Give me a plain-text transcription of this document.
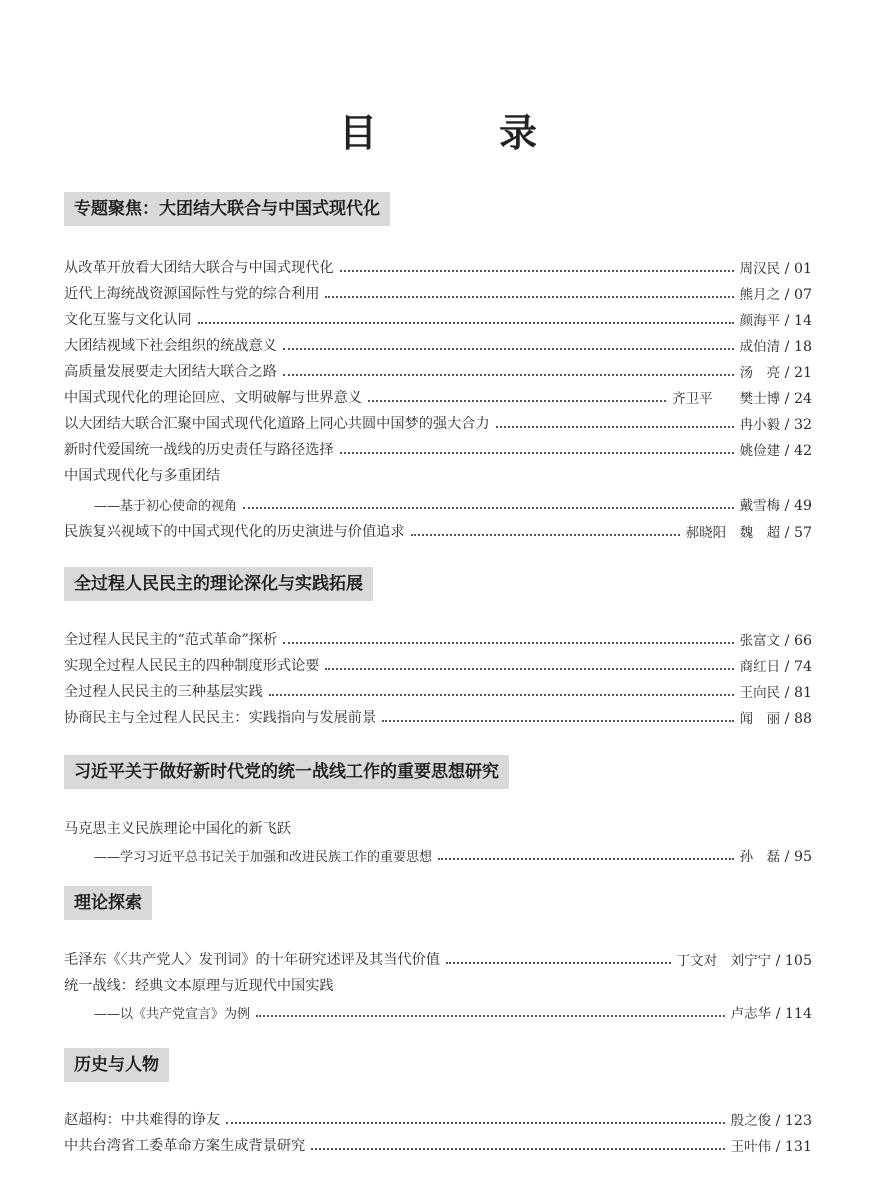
目　录
专题聚焦：大团结大联合与中国式现代化
从改革开放看大团结大联合与中国式现代化	周汉民 / 01
近代上海统战资源国际性与党的综合利用	熊月之 / 07
文化互鉴与文化认同	颜海平 / 14
大团结视域下社会组织的统战意义	成伯清 / 18
高质量发展要走大团结大联合之路	汤　亮 / 21
中国式现代化的理论回应、文明破解与世界意义	齐卫平　　樊士博 / 24
以大团结大联合汇聚中国式现代化道路上同心共圆中国梦的强大合力	冉小毅 / 32
新时代爱国统一战线的历史责任与路径选择	姚俭建 / 42
中国式现代化与多重团结
——基于初心使命的视角	戴雪梅 / 49
民族复兴视域下的中国式现代化的历史演进与价值追求	郝晓阳　魏　超 / 57
全过程人民民主的理论深化与实践拓展
全过程人民民主的“范式革命”探析	张富文 / 66
实现全过程人民民主的四种制度形式论要	商红日 / 74
全过程人民民主的三种基层实践	王向民 / 81
协商民主与全过程人民民主：实践指向与发展前景	闻　丽 / 88
习近平关于做好新时代党的统一战线工作的重要思想研究
马克思主义民族理论中国化的新飞跃
——学习习近平总书记关于加强和改进民族工作的重要思想	孙　磊 / 95
理论探索
毛泽东《〈共产党人〉发刊词》的十年研究述评及其当代价值	丁文对　刘宁宁 / 105
统一战线：经典文本原理与近现代中国实践
——以《共产党宣言》为例	卢志华 / 114
历史与人物
赵超构：中共难得的诤友	殷之俊 / 123
中共台湾省工委革命方案生成背景研究	王叶伟 / 131
